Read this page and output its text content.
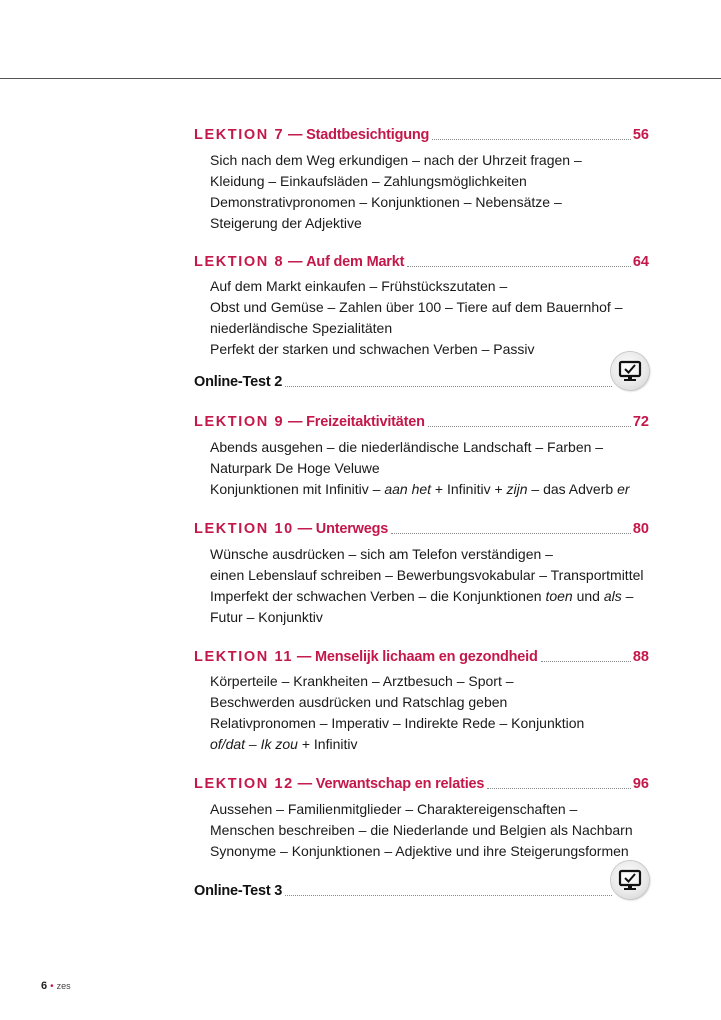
LEKTION 7 — Stadtbesichtigung	56
Sich nach dem Weg erkundigen – nach der Uhrzeit fragen –
Kleidung – Einkaufsläden – Zahlungsmöglichkeiten
Demonstrativpronomen – Konjunktionen – Nebensätze –
Steigerung der Adjektive
LEKTION 8 — Auf dem Markt	64
Auf dem Markt einkaufen – Frühstückszutaten –
Obst und Gemüse – Zahlen über 100 – Tiere auf dem Bauernhof –
niederländische Spezialitäten
Perfekt der starken und schwachen Verben – Passiv
Online-Test 2
LEKTION 9 — Freizeitaktivitäten	72
Abends ausgehen – die niederländische Landschaft – Farben –
Naturpark De Hoge Veluwe
Konjunktionen mit Infinitiv – aan het + Infinitiv + zijn – das Adverb er
LEKTION 10 — Unterwegs	80
Wünsche ausdrücken – sich am Telefon verständigen –
einen Lebenslauf schreiben – Bewerbungsvokabular – Transportmittel
Imperfekt der schwachen Verben – die Konjunktionen toen und als –
Futur – Konjunktiv
LEKTION 11 — Menselijk lichaam en gezondheid	88
Körperteile – Krankheiten – Arztbesuch – Sport –
Beschwerden ausdrücken und Ratschlag geben
Relativpronomen – Imperativ – Indirekte Rede – Konjunktion
of/dat – Ik zou + Infinitiv
LEKTION 12 — Verwantschap en relaties	96
Aussehen – Familienmitglieder – Charaktereigenschaften –
Menschen beschreiben – die Niederlande und Belgien als Nachbarn
Synonyme – Konjunktionen – Adjektive und ihre Steigerungsformen
Online-Test 3
6 • zes
